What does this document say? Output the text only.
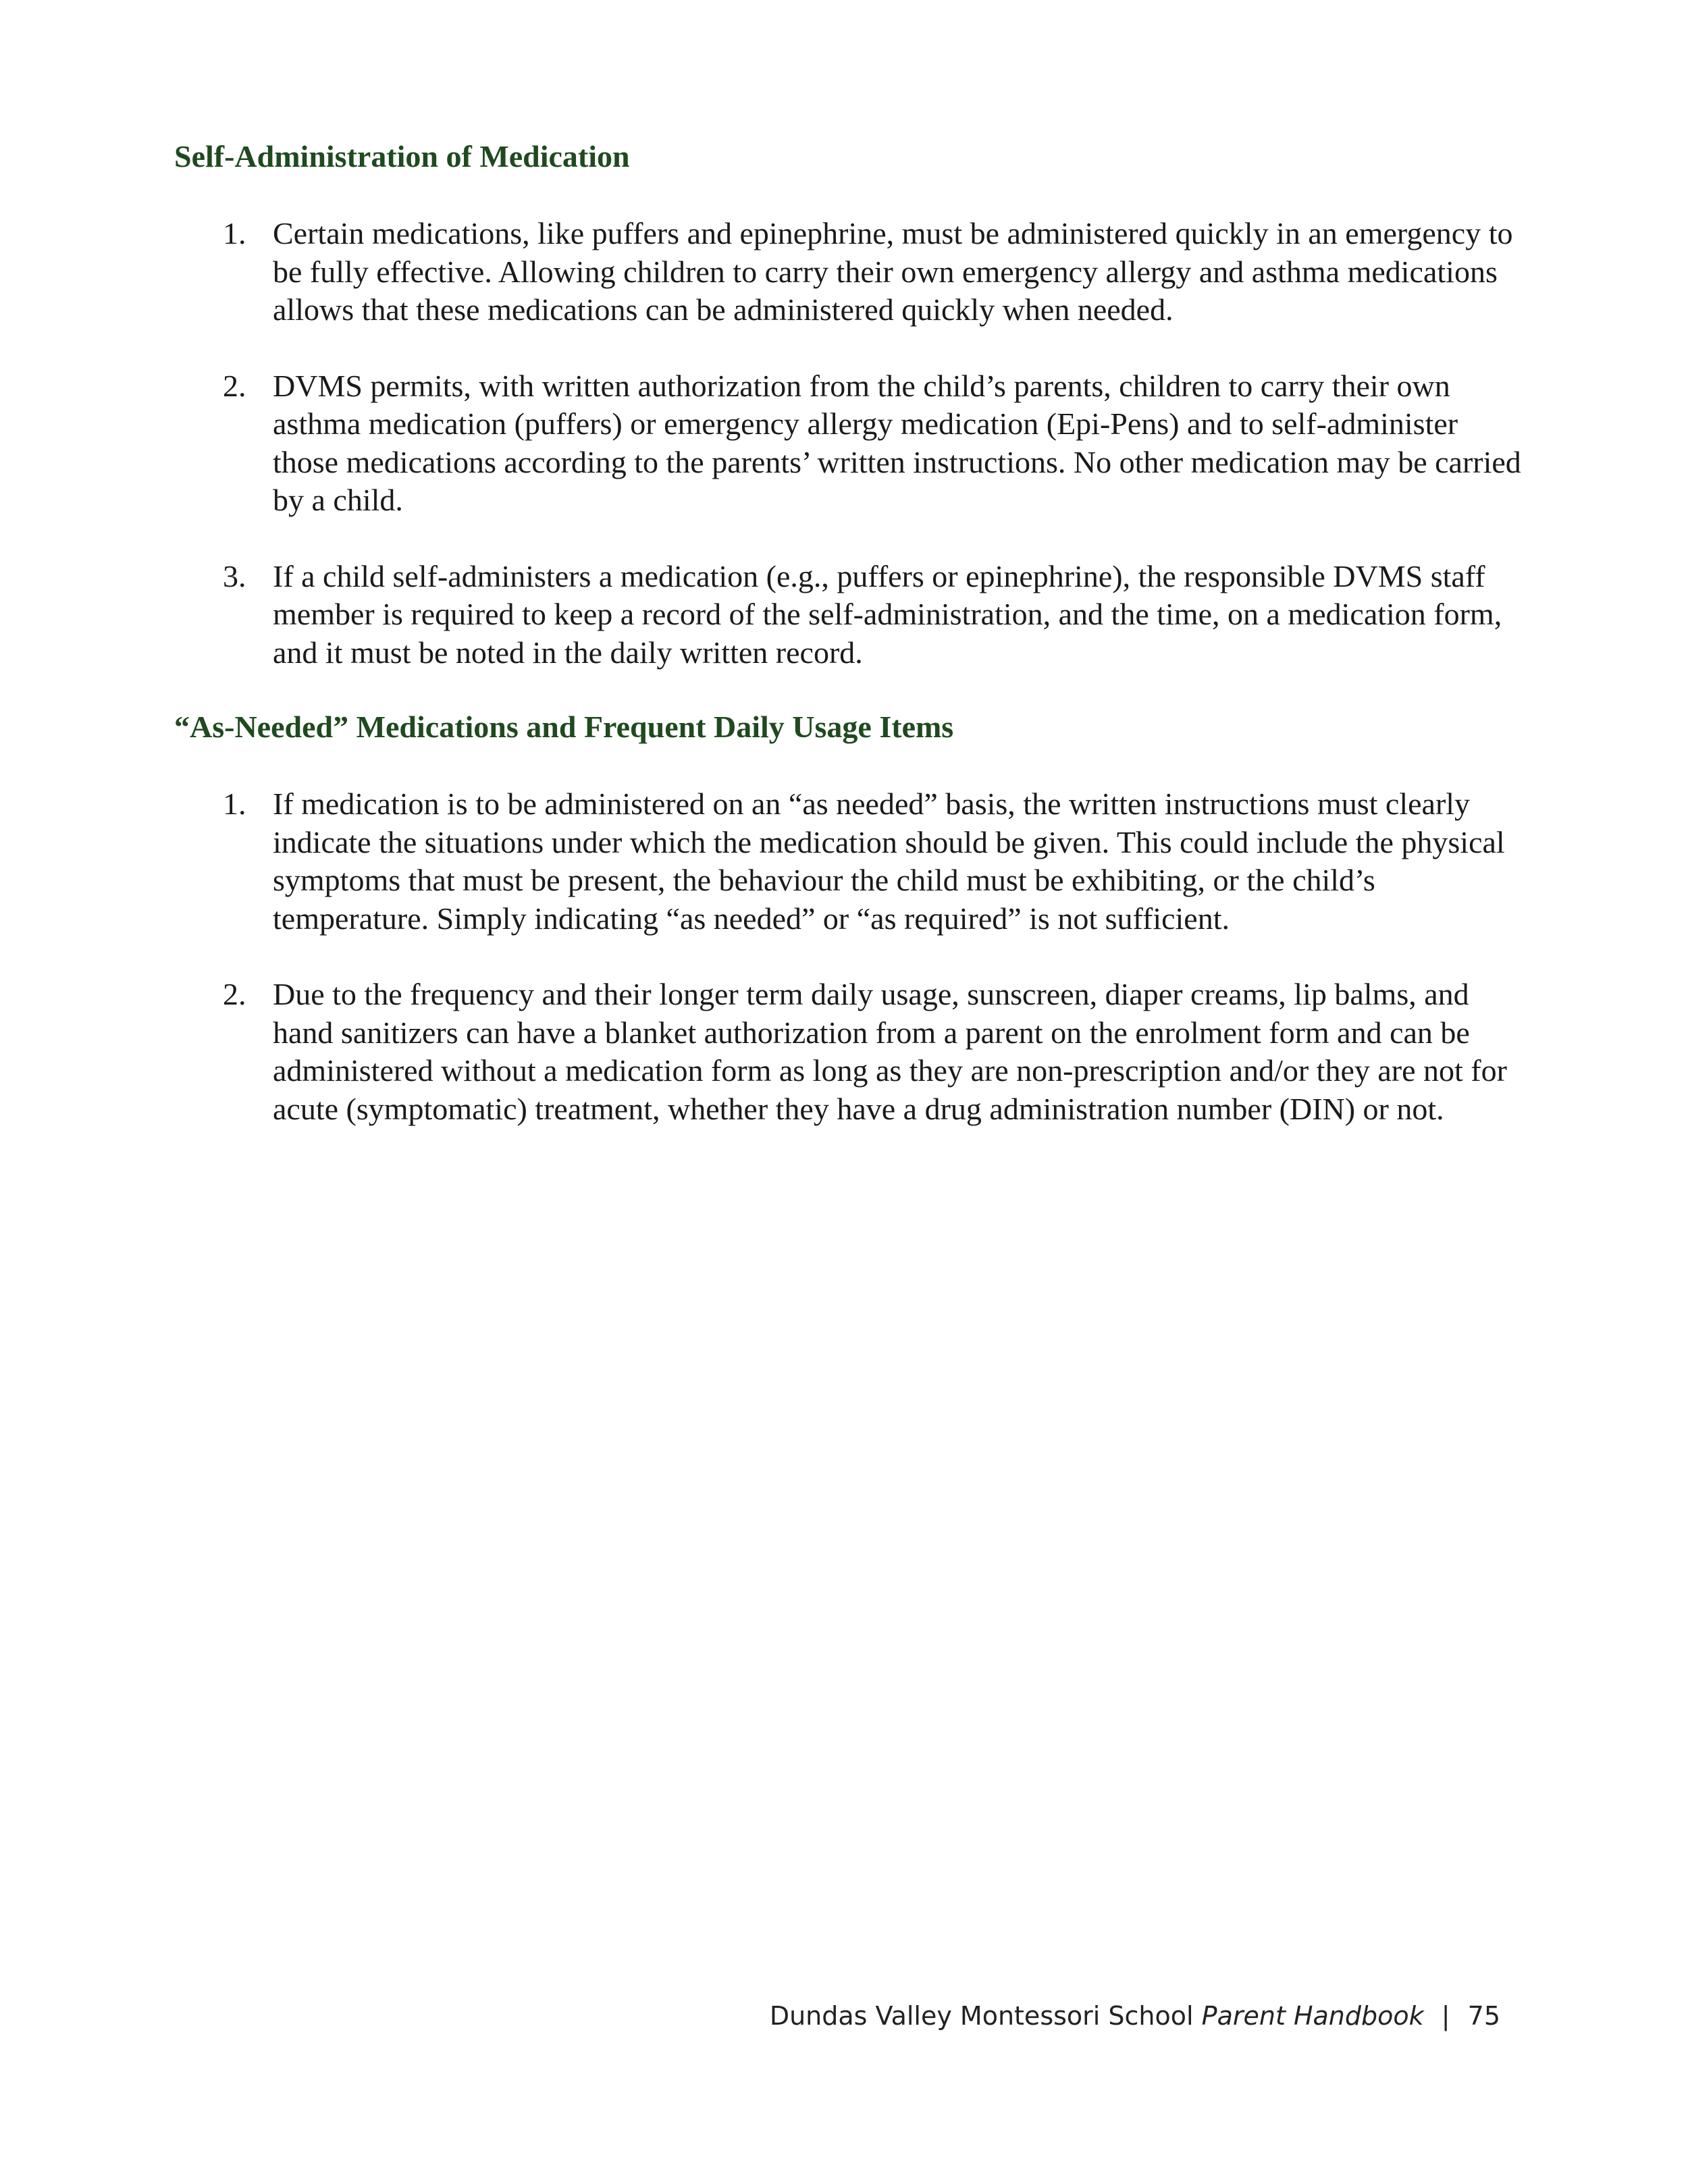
Self-Administration of Medication
1. Certain medications, like puffers and epinephrine, must be administered quickly in an emergency to be fully effective. Allowing children to carry their own emergency allergy and asthma medications allows that these medications can be administered quickly when needed.
2. DVMS permits, with written authorization from the child’s parents, children to carry their own asthma medication (puffers) or emergency allergy medication (Epi-Pens) and to self-administer those medications according to the parents’ written instructions. No other medication may be carried by a child.
3. If a child self-administers a medication (e.g., puffers or epinephrine), the responsible DVMS staff member is required to keep a record of the self-administration, and the time, on a medication form, and it must be noted in the daily written record.
“As-Needed” Medications and Frequent Daily Usage Items
1. If medication is to be administered on an “as needed” basis, the written instructions must clearly indicate the situations under which the medication should be given. This could include the physical symptoms that must be present, the behaviour the child must be exhibiting, or the child’s temperature. Simply indicating “as needed” or “as required” is not sufficient.
2. Due to the frequency and their longer term daily usage, sunscreen, diaper creams, lip balms, and hand sanitizers can have a blanket authorization from a parent on the enrolment form and can be administered without a medication form as long as they are non-prescription and/or they are not for acute (symptomatic) treatment, whether they have a drug administration number (DIN) or not.
Dundas Valley Montessori School Parent Handbook | 75
